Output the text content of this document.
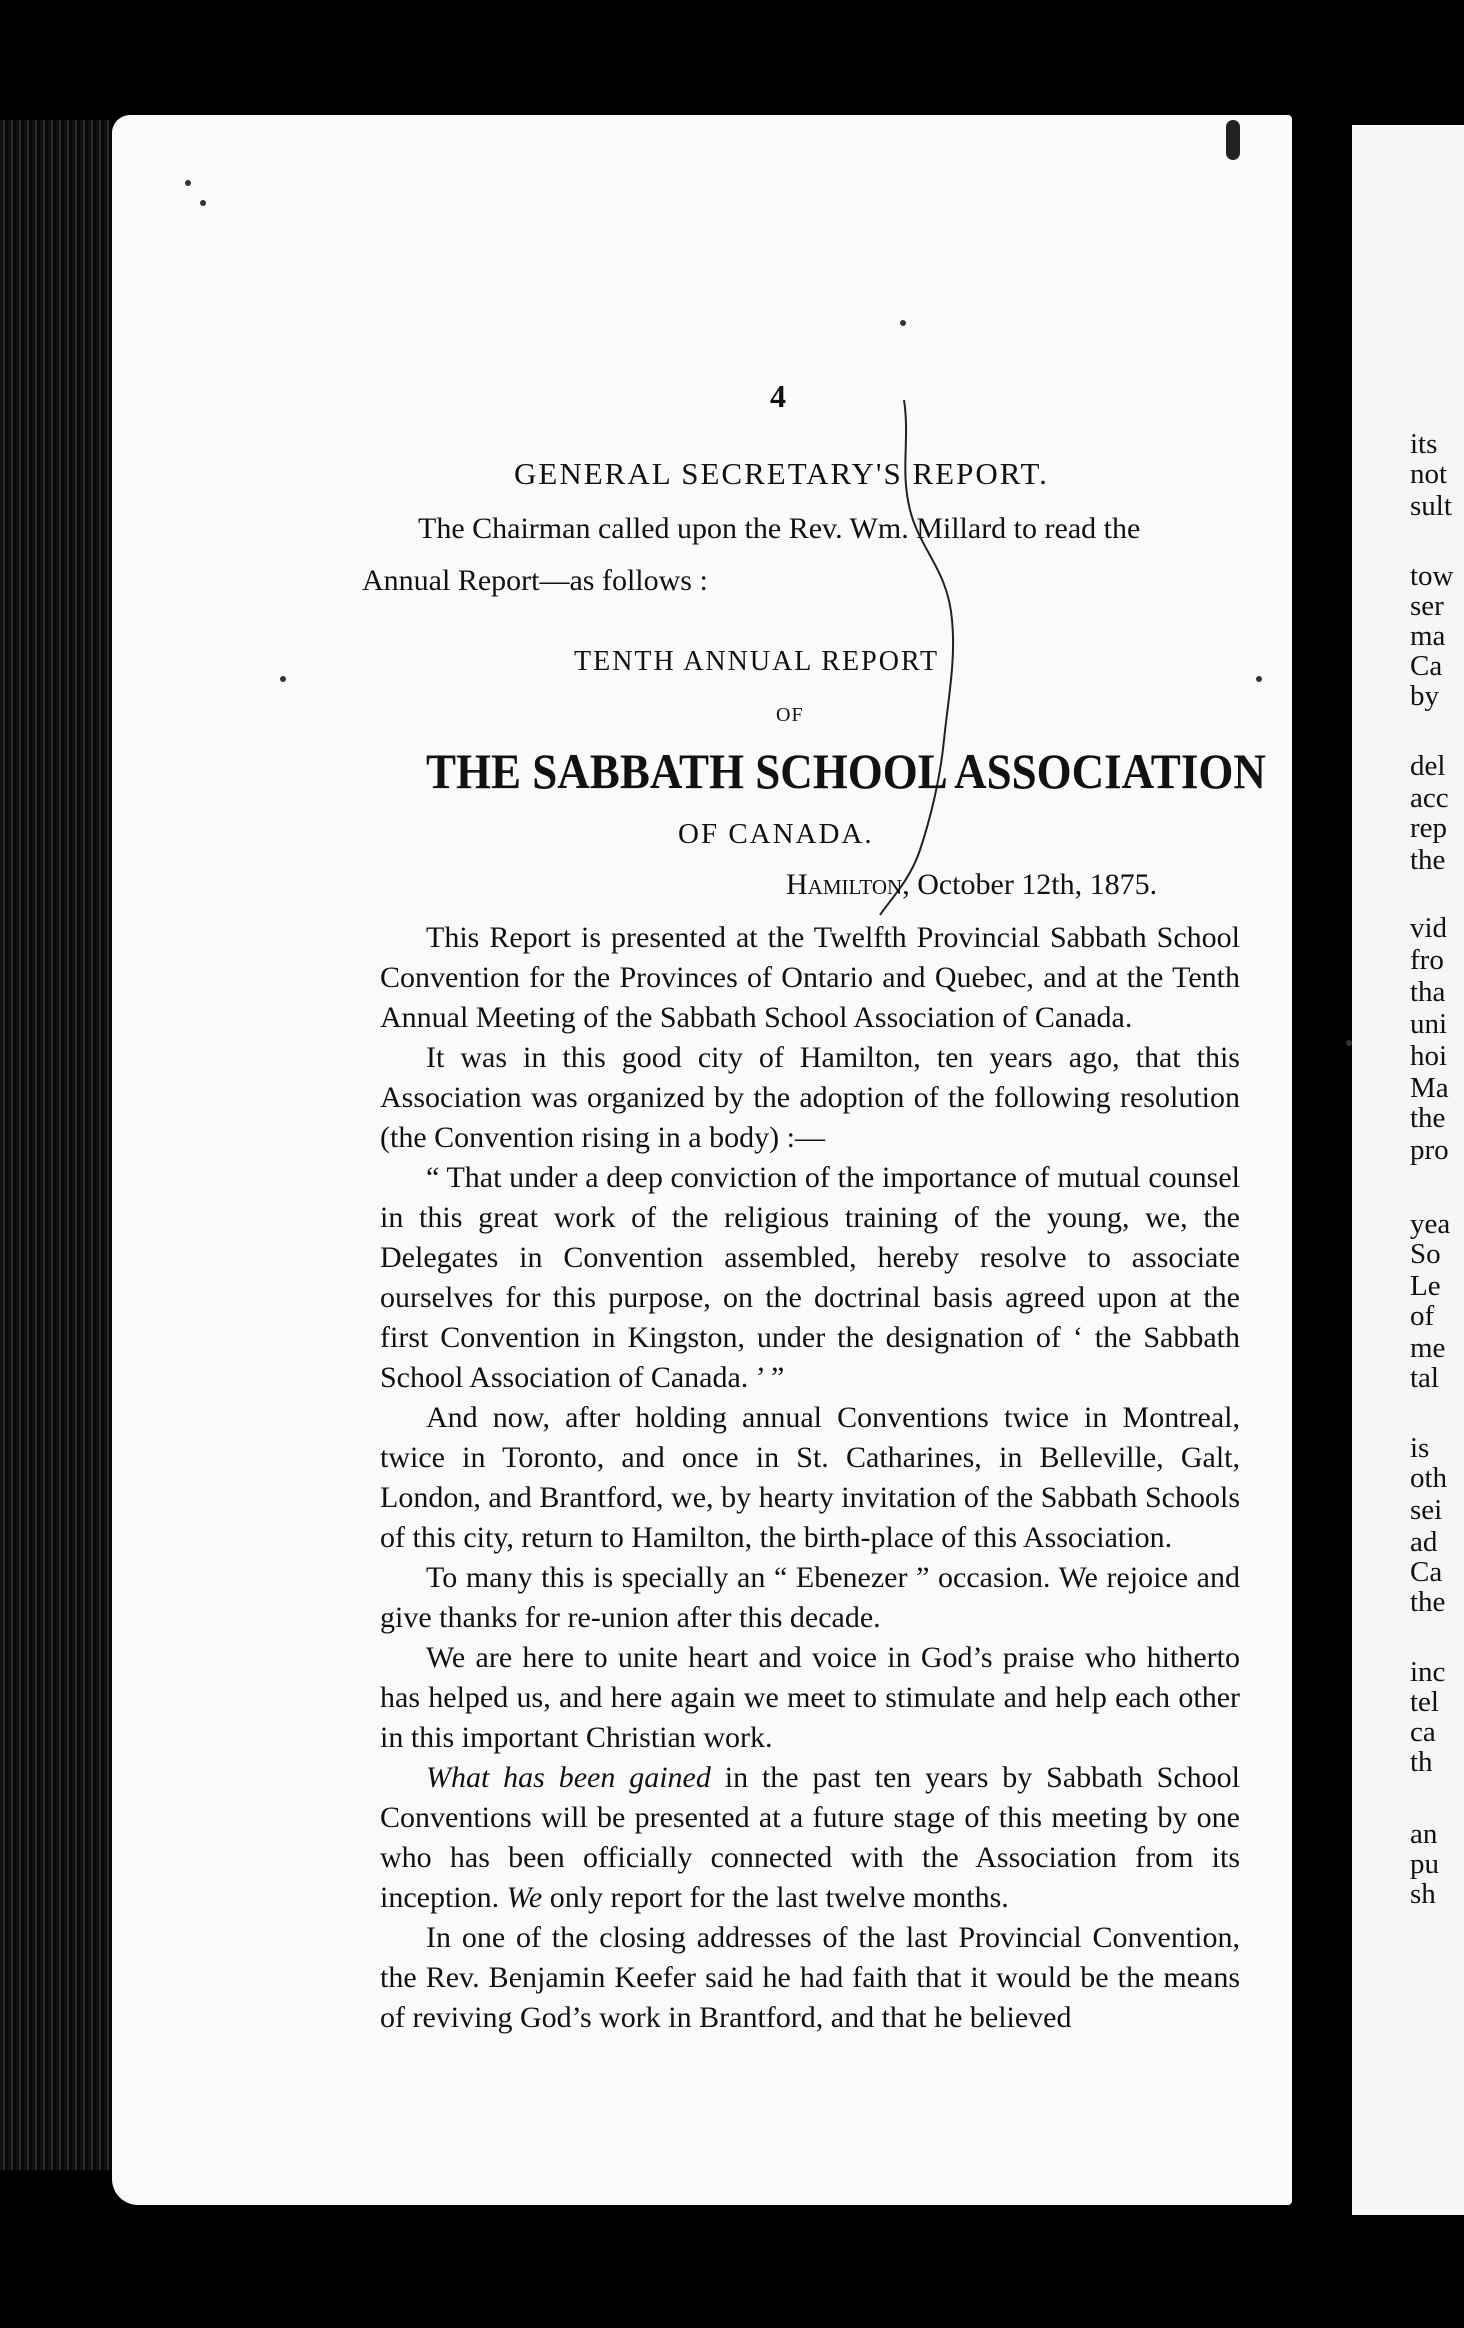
4
GENERAL SECRETARY'S REPORT.
The Chairman called upon the Rev. Wm. Millard to read the
Annual Report—as follows :
TENTH ANNUAL REPORT
OF
THE SABBATH SCHOOL ASSOCIATION
OF CANADA.
Hamilton, October 12th, 1875.

This Report is presented at the Twelfth Provincial Sabbath School Convention for the Provinces of Ontario and Quebec, and at the Tenth Annual Meeting of the Sabbath School Association of Canada.

It was in this good city of Hamilton, ten years ago, that this Association was organized by the adoption of the following resolution (the Convention rising in a body) :—

“ That under a deep conviction of the importance of mutual counsel in this great work of the religious training of the young, we, the Delegates in Convention assembled, hereby resolve to associate ourselves for this purpose, on the doctrinal basis agreed upon at the first Convention in Kingston, under the designation of ‘ the Sabbath School Association of Canada. ’ ”

And now, after holding annual Conventions twice in Montreal, twice in Toronto, and once in St. Catharines, in Belleville, Galt, London, and Brantford, we, by hearty invitation of the Sabbath Schools of this city, return to Hamilton, the birth-place of this Association.

To many this is specially an “ Ebenezer ” occasion. We rejoice and give thanks for re-union after this decade.

We are here to unite heart and voice in God’s praise who hitherto has helped us, and here again we meet to stimulate and help each other in this important Christian work.

What has been gained in the past ten years by Sabbath School Conventions will be presented at a future stage of this meeting by one who has been officially connected with the Association from its inception. We only report for the last twelve months.

In one of the closing addresses of the last Provincial Convention, the Rev. Benjamin Keefer said he had faith that it would be the means of reviving God’s work in Brantford, and that he believed

its
not
sult
tow
ser
ma
Ca
by
del
acc
rep
the
vid
fro
tha
uni
hoi
Ma
the
pro
yea
So
Le
of
me
tal
is
oth
sei
ad
Ca
the
inc
tel
ca
th
an
pu
sh
